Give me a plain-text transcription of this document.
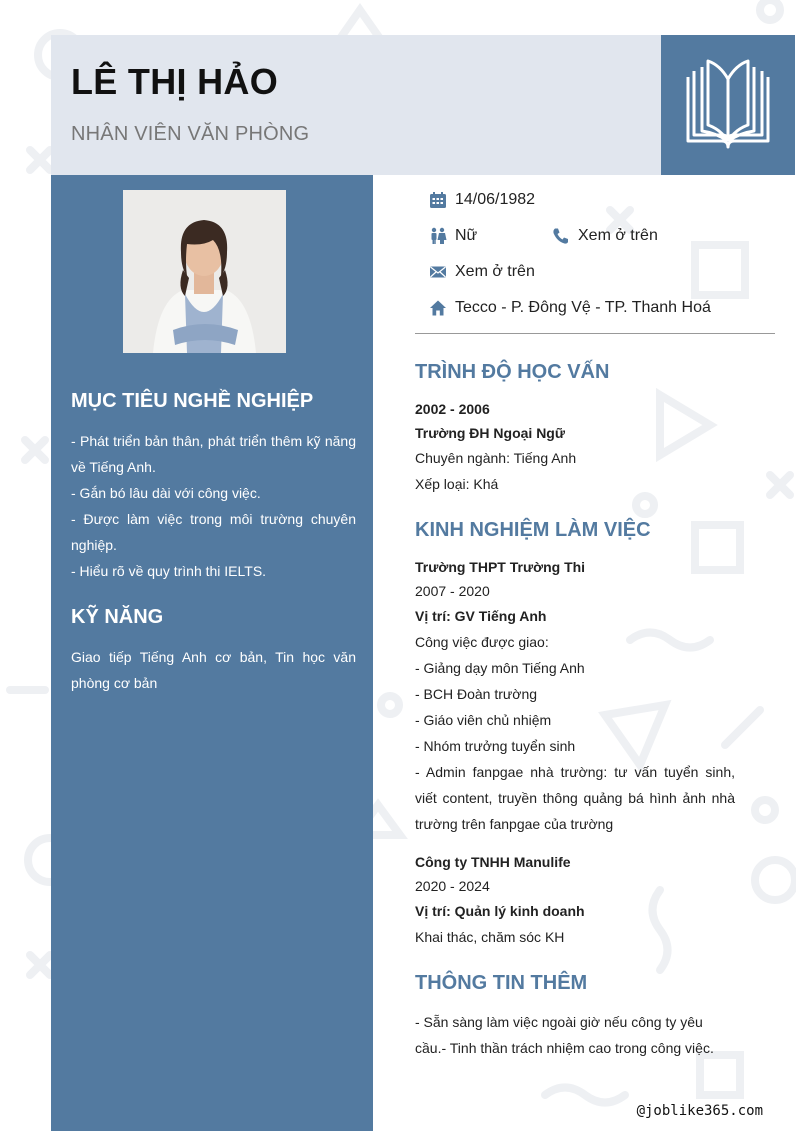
LÊ THỊ HẢO

NHÂN VIÊN VĂN PHÒNG

MỤC TIÊU NGHỀ NGHIỆP
- Phát triển bản thân, phát triển thêm kỹ năng về Tiếng Anh.
- Gắn bó lâu dài với công việc.
- Được làm việc trong môi trường chuyên nghiệp.
- Hiểu rõ về quy trình thi IELTS.
KỸ NĂNG
Giao tiếp Tiếng Anh cơ bản, Tin học văn phòng cơ bản
14/06/1982
Nữ	Xem ở trên
Xem ở trên
Tecco - P. Đông Vệ - TP. Thanh Hoá
TRÌNH ĐỘ HỌC VẤN
2002 - 2006
Trường ĐH Ngoại Ngữ
Chuyên ngành: Tiếng Anh
Xếp loại: Khá
KINH NGHIỆM LÀM VIỆC
Trường THPT Trường Thi
2007 - 2020
Vị trí: GV Tiếng Anh
Công việc được giao:
- Giảng dạy môn Tiếng Anh
- BCH Đoàn trường
- Giáo viên chủ nhiệm
- Nhóm trưởng tuyển sinh
- Admin fanpgae nhà trường: tư vấn tuyển sinh, viết content, truyền thông quảng bá hình ảnh nhà trường trên fanpgae của trường
Công ty TNHH Manulife
2020 - 2024
Vị trí: Quản lý kinh doanh
Khai thác, chăm sóc KH
THÔNG TIN THÊM
- Sẵn sàng làm việc ngoài giờ nếu công ty yêu cầu.- Tinh thần trách nhiệm cao trong công việc.
@joblike365.com
